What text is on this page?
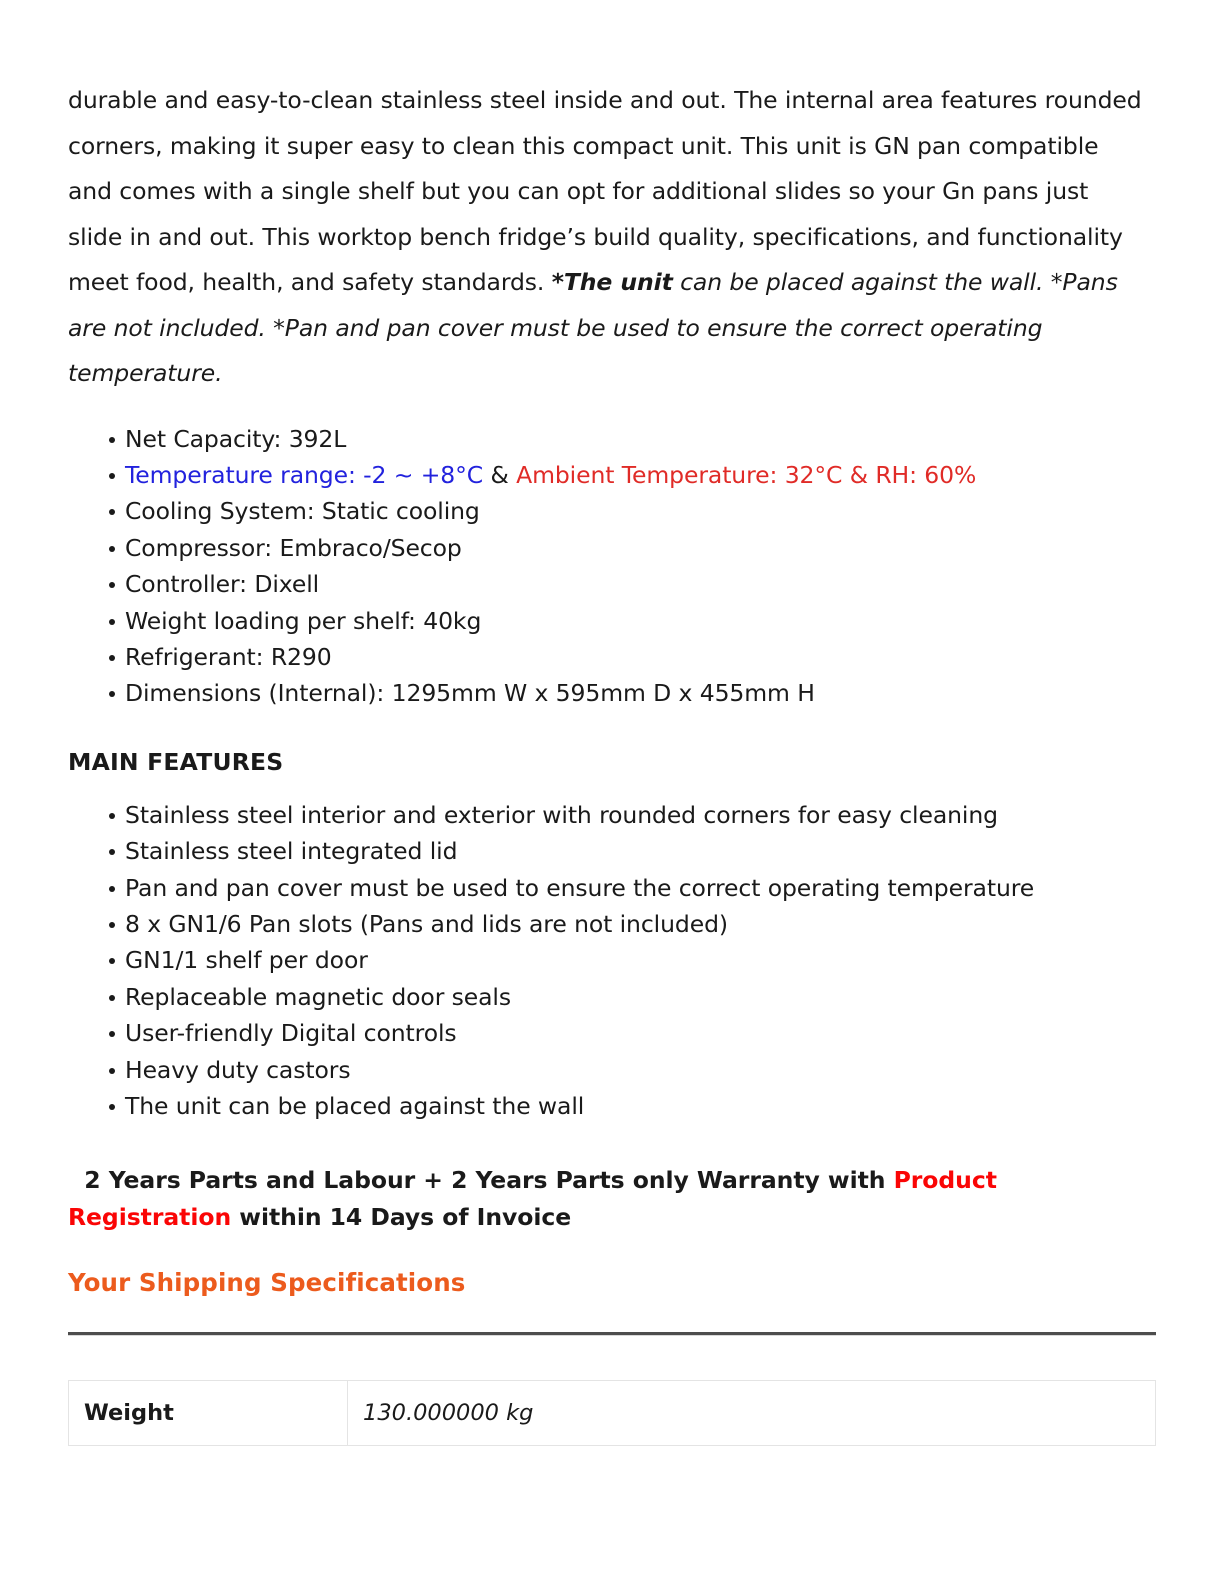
durable and easy-to-clean stainless steel inside and out. The internal area features rounded corners, making it super easy to clean this compact unit. This unit is GN pan compatible and comes with a single shelf but you can opt for additional slides so your Gn pans just slide in and out. This worktop bench fridge’s build quality, specifications, and functionality meet food, health, and safety standards. *The unit can be placed against the wall. *Pans are not included. *Pan and pan cover must be used to ensure the correct operating temperature.

Net Capacity: 392L
Temperature range: -2 ~ +8°C & Ambient Temperature: 32°C & RH: 60%
Cooling System: Static cooling
Compressor: Embraco/Secop
Controller: Dixell
Weight loading per shelf: 40kg
Refrigerant: R290
Dimensions (Internal): 1295mm W x 595mm D x 455mm H
MAIN FEATURES
Stainless steel interior and exterior with rounded corners for easy cleaning
Stainless steel integrated lid
Pan and pan cover must be used to ensure the correct operating temperature
8 x GN1/6 Pan slots (Pans and lids are not included)
GN1/1 shelf per door
Replaceable magnetic door seals
User-friendly Digital controls
Heavy duty castors
The unit can be placed against the wall

2 Years Parts and Labour + 2 Years Parts only Warranty with Product Registration within 14 Days of Invoice

Your Shipping Specifications
Weight	130.000000 kg
